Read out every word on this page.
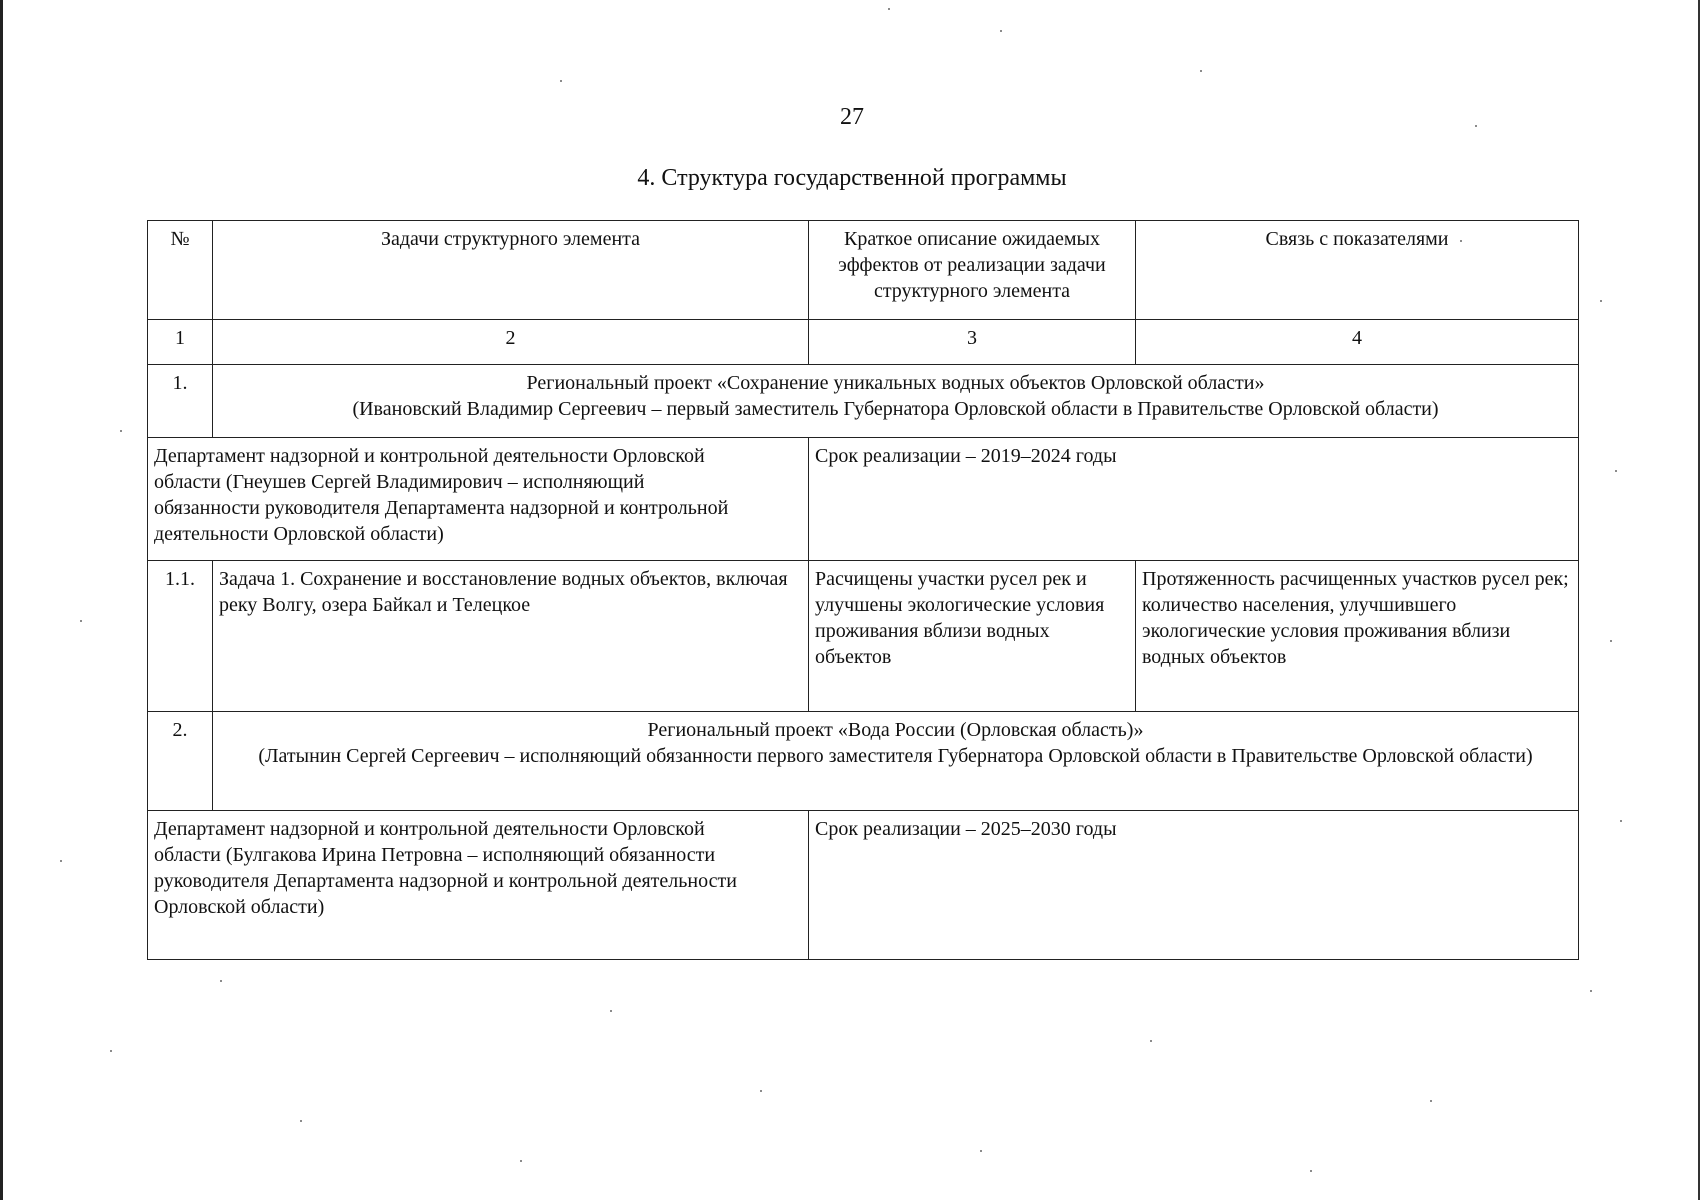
27
4. Структура государственной программы
№	Задачи структурного элемента	Краткое описание ожидаемых эффектов от реализации задачи структурного элемента	Связь с показателями
1	2	3	4
1.	Региональный проект «Сохранение уникальных водных объектов Орловской области»
(Ивановский Владимир Сергеевич – первый заместитель Губернатора Орловской области в Правительстве Орловской области)		

Департамент надзорной и контрольной деятельности Орловской области (Гнеушев Сергей Владимирович – исполняющий обязанности руководителя Департамента надзорной и контрольной деятельности Орловской области)		Срок реализации – 2019–2024 годы	
1.1.	Задача 1. Сохранение и восстановление водных объектов, включая реку Волгу, озера Байкал и Телецкое	Расчищены участки русел рек и улучшены экологические условия проживания вблизи водных объектов	Протяженность расчищенных участков русел рек;
количество населения, улучшившего экологические условия проживания вблизи водных объектов

2.	Региональный проект «Вода России (Орловская область)»
(Латынин Сергей Сергеевич – исполняющий обязанности первого заместителя Губернатора Орловской области в Правительстве Орловской области)		

Департамент надзорной и контрольной деятельности Орловской области (Булгакова Ирина Петровна – исполняющий обязанности руководителя Департамента надзорной и контрольной деятельности Орловской области)		Срок реализации – 2025–2030 годы	
